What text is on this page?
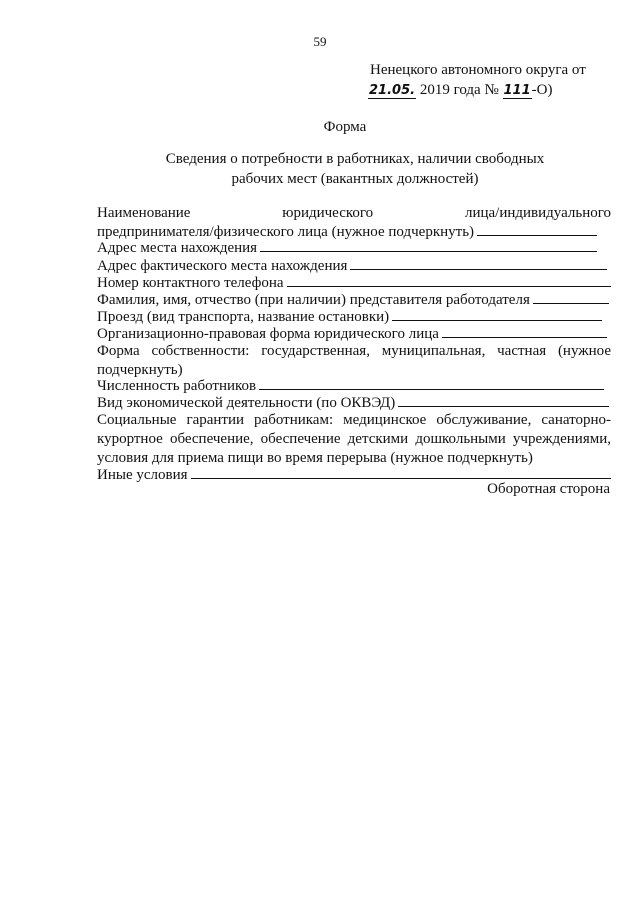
59
Ненецкого автономного округа от
21.05. 2019 года № 111-О)
Форма
Сведения о потребности в работниках, наличии свободных
рабочих мест (вакантных должностей)
Наименование	юридического	лица/индивидуального
предпринимателя/физического лица (нужное подчеркнуть)
Адрес места нахождения
Адрес фактического места нахождения
Номер контактного телефона
Фамилия, имя, отчество (при наличии) представителя работодателя
Проезд (вид транспорта, название остановки)
Организационно-правовая форма юридического лица
Форма собственности: государственная, муниципальная, частная (нужное подчеркнуть)
Численность работников
Вид экономической деятельности (по ОКВЭД)
Социальные гарантии работникам: медицинское обслуживание, санаторно-курортное обеспечение, обеспечение детскими дошкольными учреждениями, условия для приема пищи во время перерыва (нужное подчеркнуть)
Иные условия
Оборотная сторона
